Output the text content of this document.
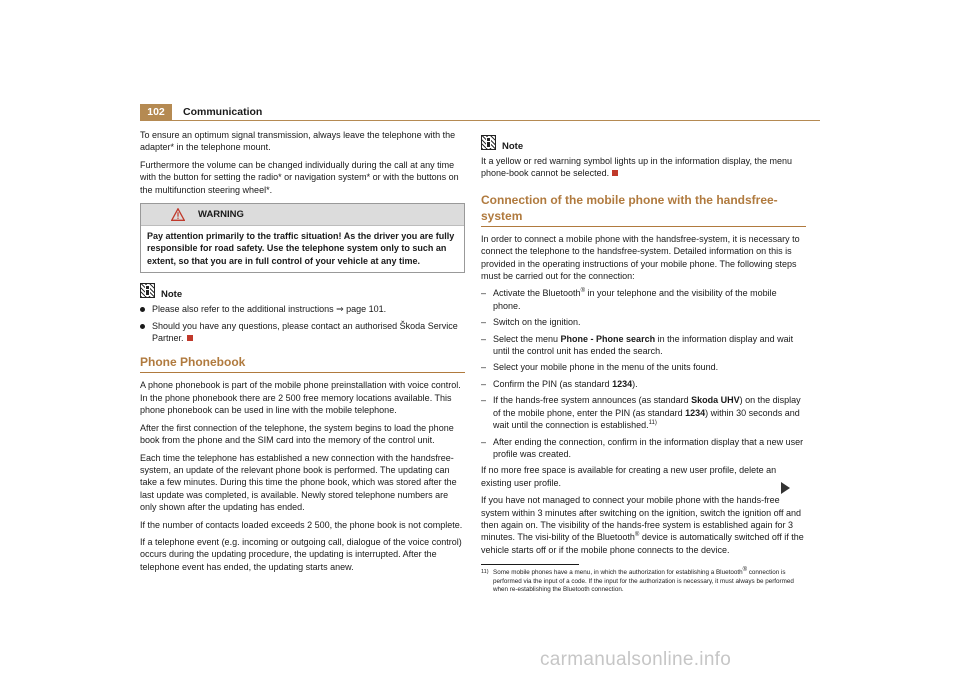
102	Communication

To ensure an optimum signal transmission, always leave the telephone with the adapter* in the telephone mount.

Furthermore the volume can be changed individually during the call at any time with the button for setting the radio* or navigation system* or with the buttons on the multifunction steering wheel*.

WARNING
Pay attention primarily to the traffic situation! As the driver you are fully responsible for road safety. Use the telephone system only to such an extent, so that you are in full control of your vehicle at any time.
Note
Please also refer to the additional instructions ⇒ page 101.
Should you have any questions, please contact an authorised Škoda Service Partner.
Phone Phonebook

A phone phonebook is part of the mobile phone preinstallation with voice control. In the phone phonebook there are 2 500 free memory locations available. This phone phonebook can be used in line with the mobile telephone.

After the first connection of the telephone, the system begins to load the phone book from the phone and the SIM card into the memory of the control unit.

Each time the telephone has established a new connection with the handsfree-system, an update of the relevant phone book is performed. The updating can take a few minutes. During this time the phone book, which was stored after the last update was completed, is available. Newly stored telephone numbers are only shown after the updating has ended.

If the number of contacts loaded exceeds 2 500, the phone book is not complete.

If a telephone event (e.g. incoming or outgoing call, dialogue of the voice control) occurs during the updating procedure, the updating is interrupted. After the telephone event has ended, the updating starts anew.

Note

It a yellow or red warning symbol lights up in the information display, the menu phone-book cannot be selected.

Connection of the mobile phone with the handsfree-system

In order to connect a mobile phone with the handsfree-system, it is necessary to connect the telephone to the handsfree-system. Detailed information on this is provided in the operating instructions of your mobile phone. The following steps must be carried out for the connection:

– Activate the Bluetooth® in your telephone and the visibility of the mobile phone.
– Switch on the ignition.
– Select the menu Phone - Phone search in the information display and wait until the control unit has ended the search.
– Select your mobile phone in the menu of the units found.
– Confirm the PIN (as standard 1234).
– If the hands-free system announces (as standard Skoda UHV) on the display of the mobile phone, enter the PIN (as standard 1234) within 30 seconds and wait until the connection is established.$^{11)}$
– After ending the connection, confirm in the information display that a new user profile was created.

If no more free space is available for creating a new user profile, delete an existing user profile.

If you have not managed to connect your mobile phone with the hands-free system within 3 minutes after switching on the ignition, switch the ignition off and then again on. The visibility of the hands-free system is established again for 3 minutes. The visi-bility of the Bluetooth® device is automatically switched off if the vehicle starts off or if the mobile phone connects to the device.

11) Some mobile phones have a menu, in which the authorization for establishing a Bluetooth® connection is performed via the input of a code. If the input for the authorization is necessary, it must always be performed when re-establishing the Bluetooth connection.
carmanualsonline.info
